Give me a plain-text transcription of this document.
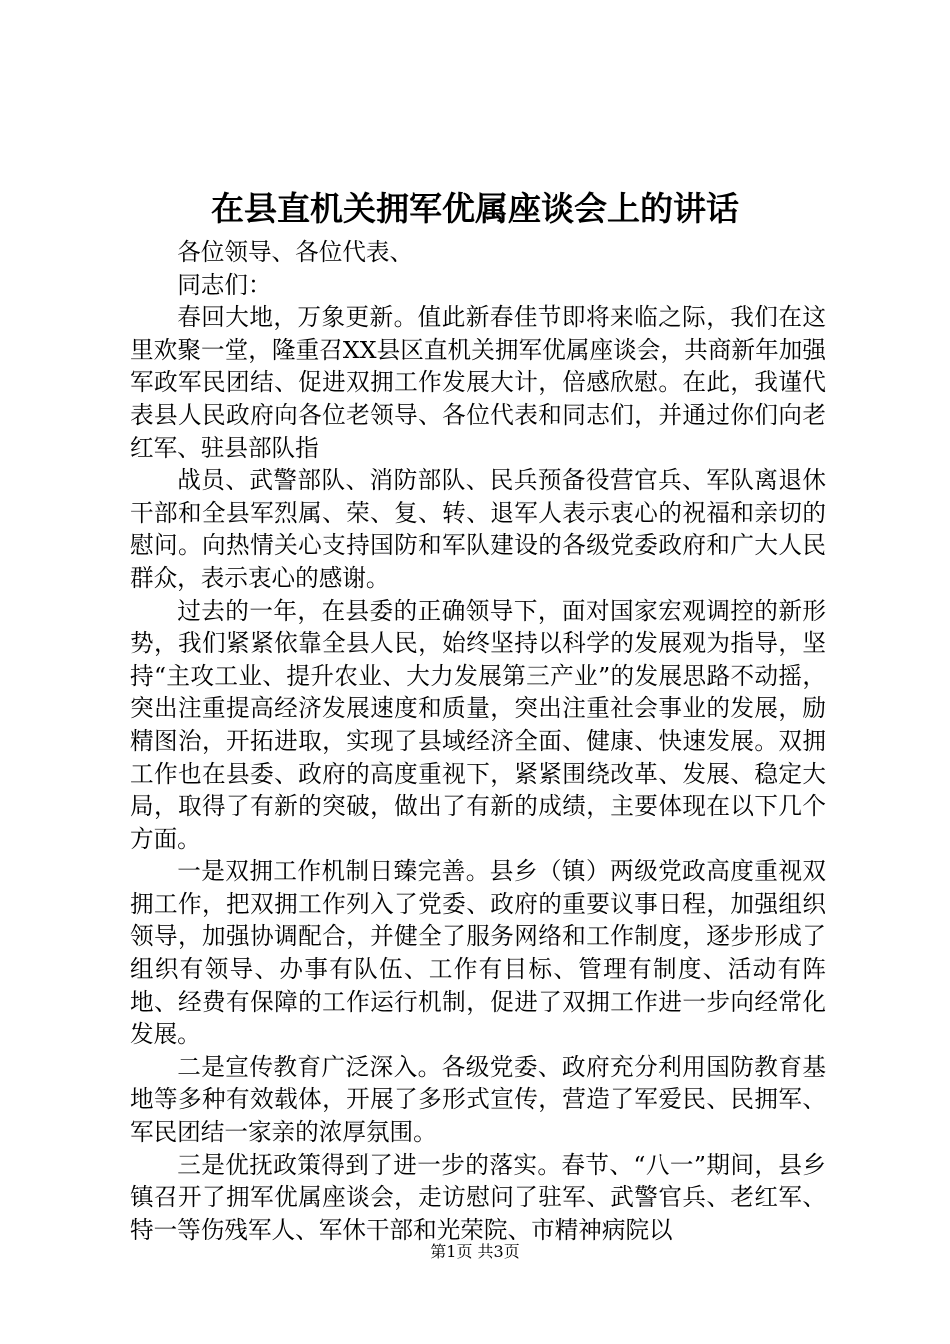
在县直机关拥军优属座谈会上的讲话

各位领导、各位代表、

同志们：

春回大地，万象更新。值此新春佳节即将来临之际，我们在这里欢聚一堂，隆重召XX县区直机关拥军优属座谈会，共商新年加强军政军民团结、促进双拥工作发展大计，倍感欣慰。在此，我谨代表县人民政府向各位老领导、各位代表和同志们，并通过你们向老红军、驻县部队指

战员、武警部队、消防部队、民兵预备役营官兵、军队离退休干部和全县军烈属、荣、复、转、退军人表示衷心的祝福和亲切的慰问。向热情关心支持国防和军队建设的各级党委政府和广大人民群众，表示衷心的感谢。

过去的一年，在县委的正确领导下，面对国家宏观调控的新形势，我们紧紧依靠全县人民，始终坚持以科学的发展观为指导，坚持“主攻工业、提升农业、大力发展第三产业”的发展思路不动摇，突出注重提高经济发展速度和质量，突出注重社会事业的发展，励精图治，开拓进取，实现了县域经济全面、健康、快速发展。双拥工作也在县委、政府的高度重视下，紧紧围绕改革、发展、稳定大局，取得了有新的突破，做出了有新的成绩，主要体现在以下几个方面。

一是双拥工作机制日臻完善。县乡（镇）两级党政高度重视双拥工作，把双拥工作列入了党委、政府的重要议事日程，加强组织领导，加强协调配合，并健全了服务网络和工作制度，逐步形成了组织有领导、办事有队伍、工作有目标、管理有制度、活动有阵地、经费有保障的工作运行机制，促进了双拥工作进一步向经常化发展。

二是宣传教育广泛深入。各级党委、政府充分利用国防教育基地等多种有效载体，开展了多形式宣传，营造了军爱民、民拥军、军民团结一家亲的浓厚氛围。

三是优抚政策得到了进一步的落实。春节、“八一”期间，县乡镇召开了拥军优属座谈会，走访慰问了驻军、武警官兵、老红军、特一等伤残军人、军休干部和光荣院、市精神病院以

第1页 共3页
